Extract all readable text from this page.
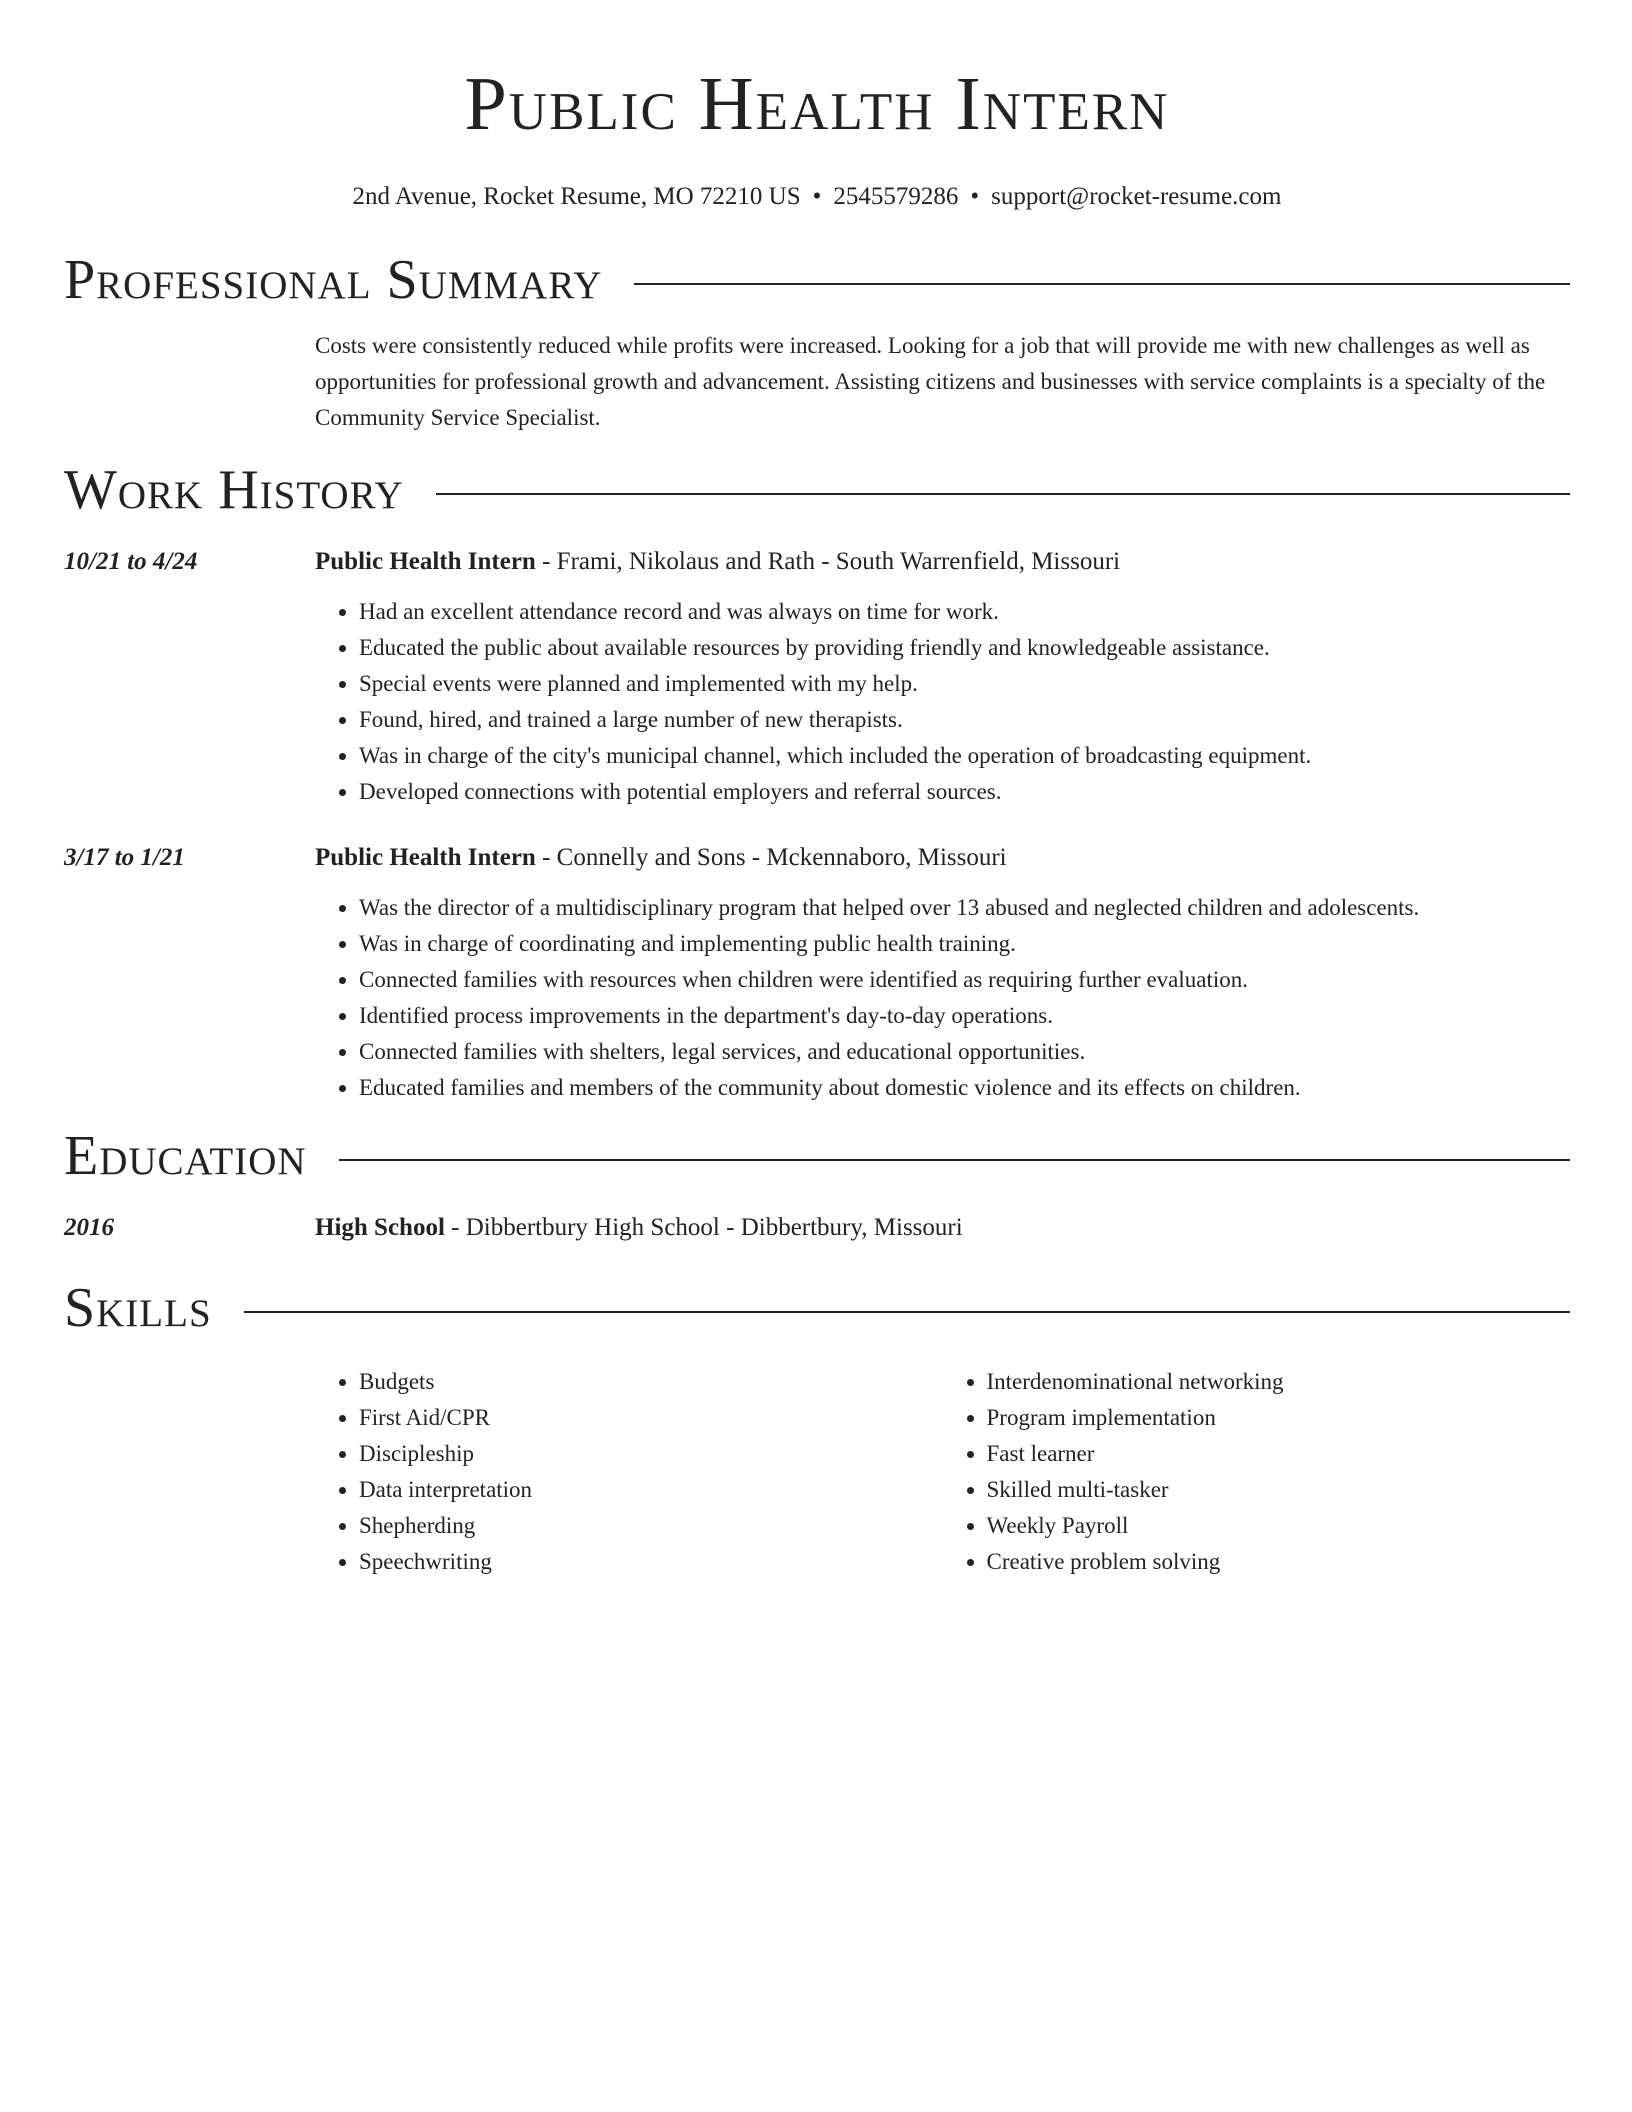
Public Health Intern
2nd Avenue, Rocket Resume, MO 72210 US • 2545579286 • support@rocket-resume.com
Professional Summary

Costs were consistently reduced while profits were increased. Looking for a job that will provide me with new challenges as well as opportunities for professional growth and advancement. Assisting citizens and businesses with service complaints is a specialty of the Community Service Specialist.

Work History
10/21 to 4/24	Public Health Intern - Frami, Nikolaus and Rath - South Warrenfield, Missouri
• Had an excellent attendance record and was always on time for work.
• Educated the public about available resources by providing friendly and knowledgeable assistance.
• Special events were planned and implemented with my help.
• Found, hired, and trained a large number of new therapists.
• Was in charge of the city's municipal channel, which included the operation of broadcasting equipment.
• Developed connections with potential employers and referral sources.
3/17 to 1/21	Public Health Intern - Connelly and Sons - Mckennaboro, Missouri
• Was the director of a multidisciplinary program that helped over 13 abused and neglected children and adolescents.
• Was in charge of coordinating and implementing public health training.
• Connected families with resources when children were identified as requiring further evaluation.
• Identified process improvements in the department's day-to-day operations.
• Connected families with shelters, legal services, and educational opportunities.
• Educated families and members of the community about domestic violence and its effects on children.
Education
2016	High School - Dibbertbury High School - Dibbertbury, Missouri
Skills
• Budgets
• First Aid/CPR
• Discipleship
• Data interpretation
• Shepherding
• Speechwriting
• Interdenominational networking
• Program implementation
• Fast learner
• Skilled multi-tasker
• Weekly Payroll
• Creative problem solving
